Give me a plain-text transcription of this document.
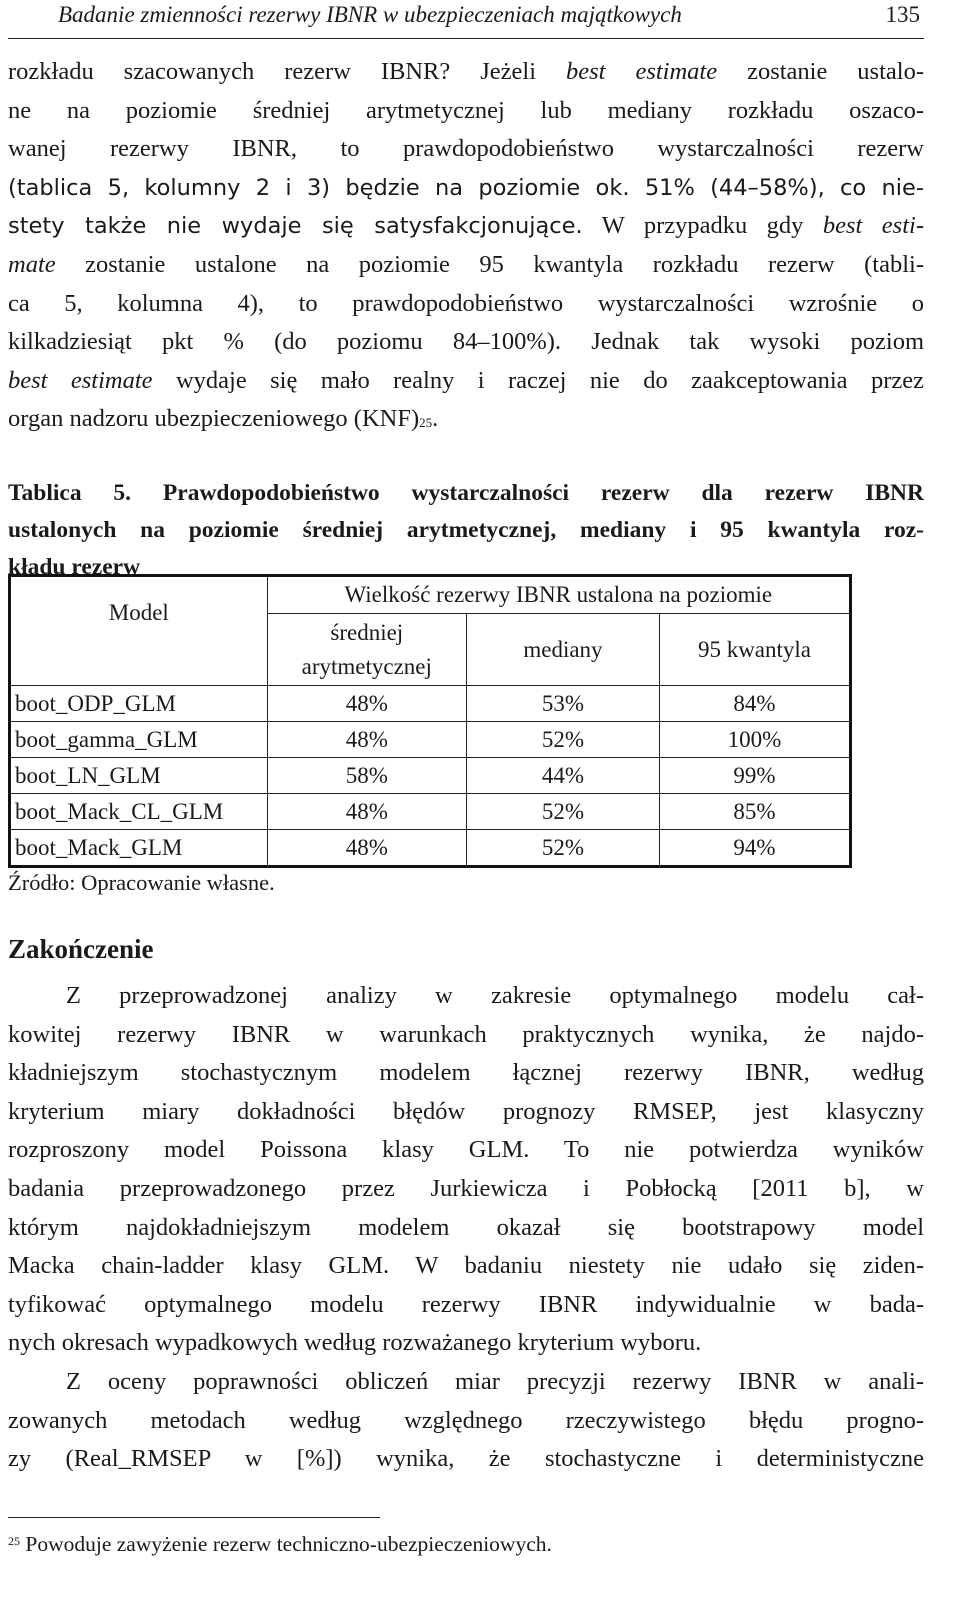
Badanie zmienności rezerwy IBNR w ubezpieczeniach majątkowych	135
rozkładu szacowanych rezerw IBNR? Jeżeli best estimate zostanie ustalo-
ne na poziomie średniej arytmetycznej lub mediany rozkładu oszaco-
wanej rezerwy IBNR, to prawdopodobieństwo wystarczalności rezerw
(tablica 5, kolumny 2 i 3) będzie na poziomie ok. 51% (44–58%), co nie-
stety także nie wydaje się satysfakcjonujące. W przypadku gdy best esti-
mate zostanie ustalone na poziomie 95 kwantyla rozkładu rezerw (tabli-
ca 5, kolumna 4), to prawdopodobieństwo wystarczalności wzrośnie o
kilkadziesiąt pkt % (do poziomu 84–100%). Jednak tak wysoki poziom
best estimate wydaje się mało realny i raczej nie do zaakceptowania przez
organ nadzoru ubezpieczeniowego (KNF)$^{25}$.
Tablica 5. Prawdopodobieństwo wystarczalności rezerw dla rezerw IBNR
ustalonych na poziomie średniej arytmetycznej, mediany i 95 kwantyla roz-
kładu rezerw
Model	Wielkość rezerwy IBNR ustalona na poziomie		

	średniej
arytmetycznej	mediany	95 kwantyla
boot_ODP_GLM	48%	53%	84%
boot_gamma_GLM	48%	52%	100%
boot_LN_GLM	58%	44%	99%
boot_Mack_CL_GLM	48%	52%	85%
boot_Mack_GLM	48%	52%	94%
Źródło: Opracowanie własne.
Zakończenie
Z przeprowadzonej analizy w zakresie optymalnego modelu cał-
kowitej rezerwy IBNR w warunkach praktycznych wynika, że najdo-
kładniejszym stochastycznym modelem łącznej rezerwy IBNR, według
kryterium miary dokładności błędów prognozy RMSEP, jest klasyczny
rozproszony model Poissona klasy GLM. To nie potwierdza wyników
badania przeprowadzonego przez Jurkiewicza i Pobłocką [2011 b], w
którym najdokładniejszym modelem okazał się bootstrapowy model
Macka chain-ladder klasy GLM. W badaniu niestety nie udało się ziden-
tyfikować optymalnego modelu rezerwy IBNR indywidualnie w bada-
nych okresach wypadkowych według rozważanego kryterium wyboru.
Z oceny poprawności obliczeń miar precyzji rezerwy IBNR w anali-
zowanych metodach według względnego rzeczywistego błędu progno-
zy (Real_RMSEP w [%]) wynika, że stochastyczne i deterministyczne
$^{25}$ Powoduje zawyżenie rezerw techniczno-ubezpieczeniowych.
